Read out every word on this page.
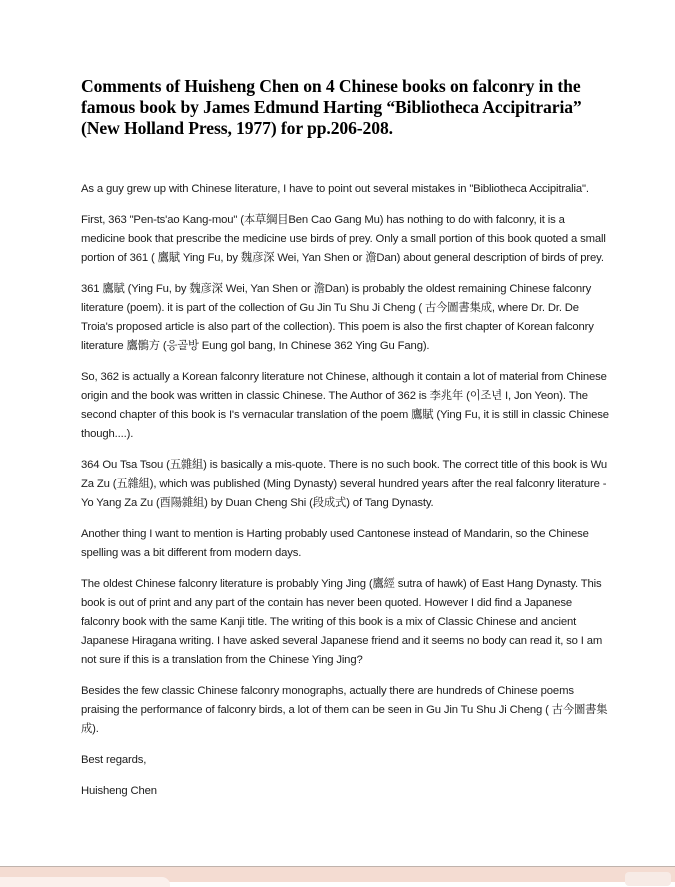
Comments of Huisheng Chen on 4 Chinese books on falconry in the famous book by James Edmund Harting “Bibliotheca Accipitraria” (New Holland Press, 1977) for pp.206-208.

As a guy grew up with Chinese literature, I have to point out several mistakes in "Bibliotheca Accipitralia".

First, 363 "Pen-ts'ao Kang-mou" (本草綱目Ben Cao Gang Mu) has nothing to do with falconry, it is a medicine book that prescribe the medicine use birds of prey. Only a small portion of this book quoted a small portion of 361 ( 鷹賦 Ying Fu, by 魏彦深 Wei, Yan Shen or 澹Dan) about general description of birds of prey.

361 鷹賦 (Ying Fu, by 魏彦深 Wei, Yan Shen or 澹Dan) is probably the oldest remaining Chinese falconry literature (poem). it is part of the collection of Gu Jin Tu Shu Ji Cheng ( 古今圖書集成, where Dr. Dr. De Troia's proposed article is also part of the collection). This poem is also the first chapter of Korean falconry literature 鷹鶻方 (응골방 Eung gol bang, In Chinese 362 Ying Gu Fang).

So, 362 is actually a Korean falconry literature not Chinese, although it contain a lot of material from Chinese origin and the book was written in classic Chinese. The Author of 362 is 李兆年 (이조년 I, Jon Yeon). The second chapter of this book is I's vernacular translation of the poem 鷹賦 (Ying Fu, it is still in classic Chinese though....).

364 Ou Tsa Tsou (五雜組) is basically a mis-quote. There is no such book. The correct title of this book is Wu Za Zu (五雜組), which was published (Ming Dynasty) several hundred years after the real falconry literature - Yo Yang Za Zu (酉陽雜組) by Duan Cheng Shi (段成式) of Tang Dynasty.

Another thing I want to mention is Harting probably used Cantonese instead of Mandarin, so the Chinese spelling was a bit different from modern days.

The oldest Chinese falconry literature is probably Ying Jing (鷹經 sutra of hawk) of East Hang Dynasty. This book is out of print and any part of the contain has never been quoted. However I did find a Japanese falconry book with the same Kanji title. The writing of this book is a mix of Classic Chinese and ancient Japanese Hiragana writing. I have asked several Japanese friend and it seems no body can read it, so I am not sure if this is a translation from the Chinese Ying Jing?

Besides the few classic Chinese falconry monographs, actually there are hundreds of Chinese poems praising the performance of falconry birds, a lot of them can be seen in Gu Jin Tu Shu Ji Cheng ( 古今圖書集成).

Best regards,

Huisheng Chen
